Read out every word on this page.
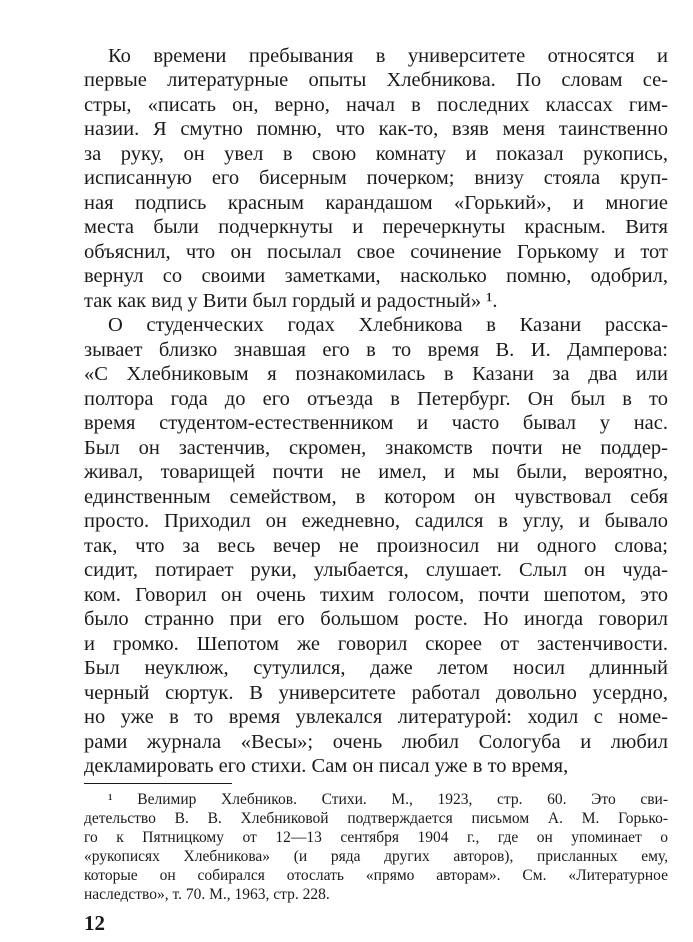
Ко времени пребывания в университете относятся и
первые литературные опыты Хлебникова. По словам се-
стры, «писать он, верно, начал в последних классах гим-
назии. Я смутно помню, что как-то, взяв меня таинственно
за руку, он увел в свою комнату и показал рукопись,
исписанную его бисерным почерком; внизу стояла круп-
ная подпись красным карандашом «Горький», и многие
места были подчеркнуты и перечеркнуты красным. Витя
объяснил, что он посылал свое сочинение Горькому и тот
вернул со своими заметками, насколько помню, одобрил,
так как вид у Вити был гордый и радостный» ¹.
О студенческих годах Хлебникова в Казани расска-
зывает близко знавшая его в то время В. И. Дамперова:
«С Хлебниковым я познакомилась в Казани за два или
полтора года до его отъезда в Петербург. Он был в то
время студентом-естественником и часто бывал у нас.
Был он застенчив, скромен, знакомств почти не поддер-
живал, товарищей почти не имел, и мы были, вероятно,
единственным семейством, в котором он чувствовал себя
просто. Приходил он ежедневно, садился в углу, и бывало
так, что за весь вечер не произносил ни одного слова;
сидит, потирает руки, улыбается, слушает. Слыл он чуда-
ком. Говорил он очень тихим голосом, почти шепотом, это
было странно при его большом росте. Но иногда говорил
и громко. Шепотом же говорил скорее от застенчивости.
Был неуклюж, сутулился, даже летом носил длинный
черный сюртук. В университете работал довольно усердно,
но уже в то время увлекался литературой: ходил с номе-
рами журнала «Весы»; очень любил Сологуба и любил
декламировать его стихи. Сам он писал уже в то время,
¹ Велимир Хлебников. Стихи. М., 1923, стр. 60. Это сви-
детельство В. В. Хлебниковой подтверждается письмом А. М. Горько-
го к Пятницкому от 12—13 сентября 1904 г., где он упоминает о
«рукописях Хлебникова» (и ряда других авторов), присланных ему,
которые он собирался отослать «прямо авторам». См. «Литературное
наследство», т. 70. М., 1963, стр. 228.
12
